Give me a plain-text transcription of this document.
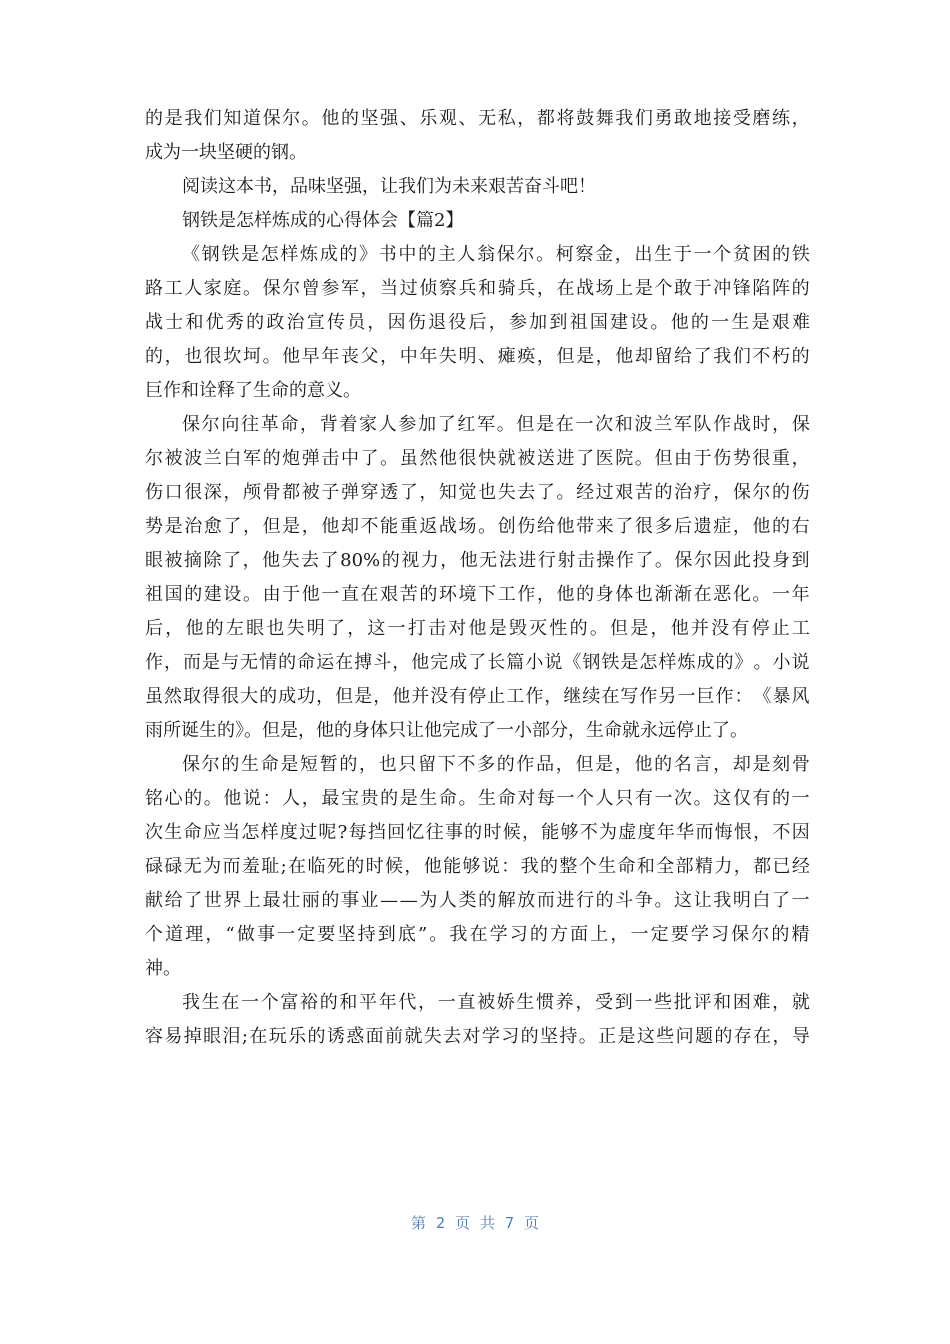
的 是 我 们 知 道 保 尔 。 他 的 坚 强 、 乐 观 、 无 私 ， 都 将 鼓 舞 我 们 勇 敢 地 接 受 磨 练 ，
成为一块坚硬的钢。
阅读这本书，品味坚强，让我们为未来艰苦奋斗吧！
钢铁是怎样炼成的心得体会【篇2】
《 钢 铁 是 怎 样 炼 成 的 》 书 中 的 主 人 翁 保 尔 。 柯 察 金 ， 出 生 于 一 个 贫 困 的 铁
路 工 人 家 庭 。 保 尔 曾 参 军 ， 当 过 侦 察 兵 和 骑 兵 ， 在 战 场 上 是 个 敢 于 冲 锋 陷 阵 的
战 士 和 优 秀 的 政 治 宣 传 员 ， 因 伤 退 役 后 ， 参 加 到 祖 国 建 设 。 他 的 一 生 是 艰 难
的 ， 也 很 坎 坷 。 他 早 年 丧 父 ， 中 年 失 明 、 瘫 痪 ， 但 是 ， 他 却 留 给 了 我 们 不 朽 的
巨作和诠释了生命的意义。
保 尔 向 往 革 命 ， 背 着 家 人 参 加 了 红 军 。 但 是 在 一 次 和 波 兰 军 队 作 战 时 ， 保
尔 被 波 兰 白 军 的 炮 弹 击 中 了 。 虽 然 他 很 快 就 被 送 进 了 医 院 。 但 由 于 伤 势 很 重 ，
伤 口 很 深 ， 颅 骨 都 被 子 弹 穿 透 了 ， 知 觉 也 失 去 了 。 经 过 艰 苦 的 治 疗 ， 保 尔 的 伤
势 是 治 愈 了 ， 但 是 ， 他 却 不 能 重 返 战 场 。 创 伤 给 他 带 来 了 很 多 后 遗 症 ， 他 的 右
眼 被 摘 除 了 ， 他 失 去 了 80% 的 视 力 ， 他 无 法 进 行 射 击 操 作 了 。 保 尔 因 此 投 身 到
祖 国 的 建 设 。 由 于 他 一 直 在 艰 苦 的 环 境 下 工 作 ， 他 的 身 体 也 渐 渐 在 恶 化 。 一 年
后 ， 他 的 左 眼 也 失 明 了 ， 这 一 打 击 对 他 是 毁 灭 性 的 。 但 是 ， 他 并 没 有 停 止 工
作 ， 而 是 与 无 情 的 命 运 在 搏 斗 ， 他 完 成 了 长 篇 小 说 《 钢 铁 是 怎 样 炼 成 的 》 。 小 说
虽 然 取 得 很 大 的 成 功 ， 但 是 ， 他 并 没 有 停 止 工 作 ， 继 续 在 写 作 另 一 巨 作 ： 《 暴 风
雨所诞生的》。但是，他的身体只让他完成了一小部分，生命就永远停止了。
保 尔 的 生 命 是 短 暂 的 ， 也 只 留 下 不 多 的 作 品 ， 但 是 ， 他 的 名 言 ， 却 是 刻 骨
铭 心 的 。 他 说 ： 人 ， 最 宝 贵 的 是 生 命 。 生 命 对 每 一 个 人 只 有 一 次 。 这 仅 有 的 一
次 生 命 应 当 怎 样 度 过 呢 ? 每 挡 回 忆 往 事 的 时 候 ， 能 够 不 为 虚 度 年 华 而 悔 恨 ， 不 因
碌 碌 无 为 而 羞 耻 ; 在 临 死 的 时 候 ， 他 能 够 说 ： 我 的 整 个 生 命 和 全 部 精 力 ， 都 已 经
献 给 了 世 界 上 最 壮 丽 的 事 业 — — 为 人 类 的 解 放 而 进 行 的 斗 争 。 这 让 我 明 白 了 一
个 道 理 ， “ 做 事 一 定 要 坚 持 到 底 ” 。 我 在 学 习 的 方 面 上 ， 一 定 要 学 习 保 尔 的 精
神。
我 生 在 一 个 富 裕 的 和 平 年 代 ， 一 直 被 娇 生 惯 养 ， 受 到 一 些 批 评 和 困 难 ， 就
容 易 掉 眼 泪 ; 在 玩 乐 的 诱 惑 面 前 就 失 去 对 学 习 的 坚 持 。 正 是 这 些 问 题 的 存 在 ， 导
第 2 页 共 7 页
